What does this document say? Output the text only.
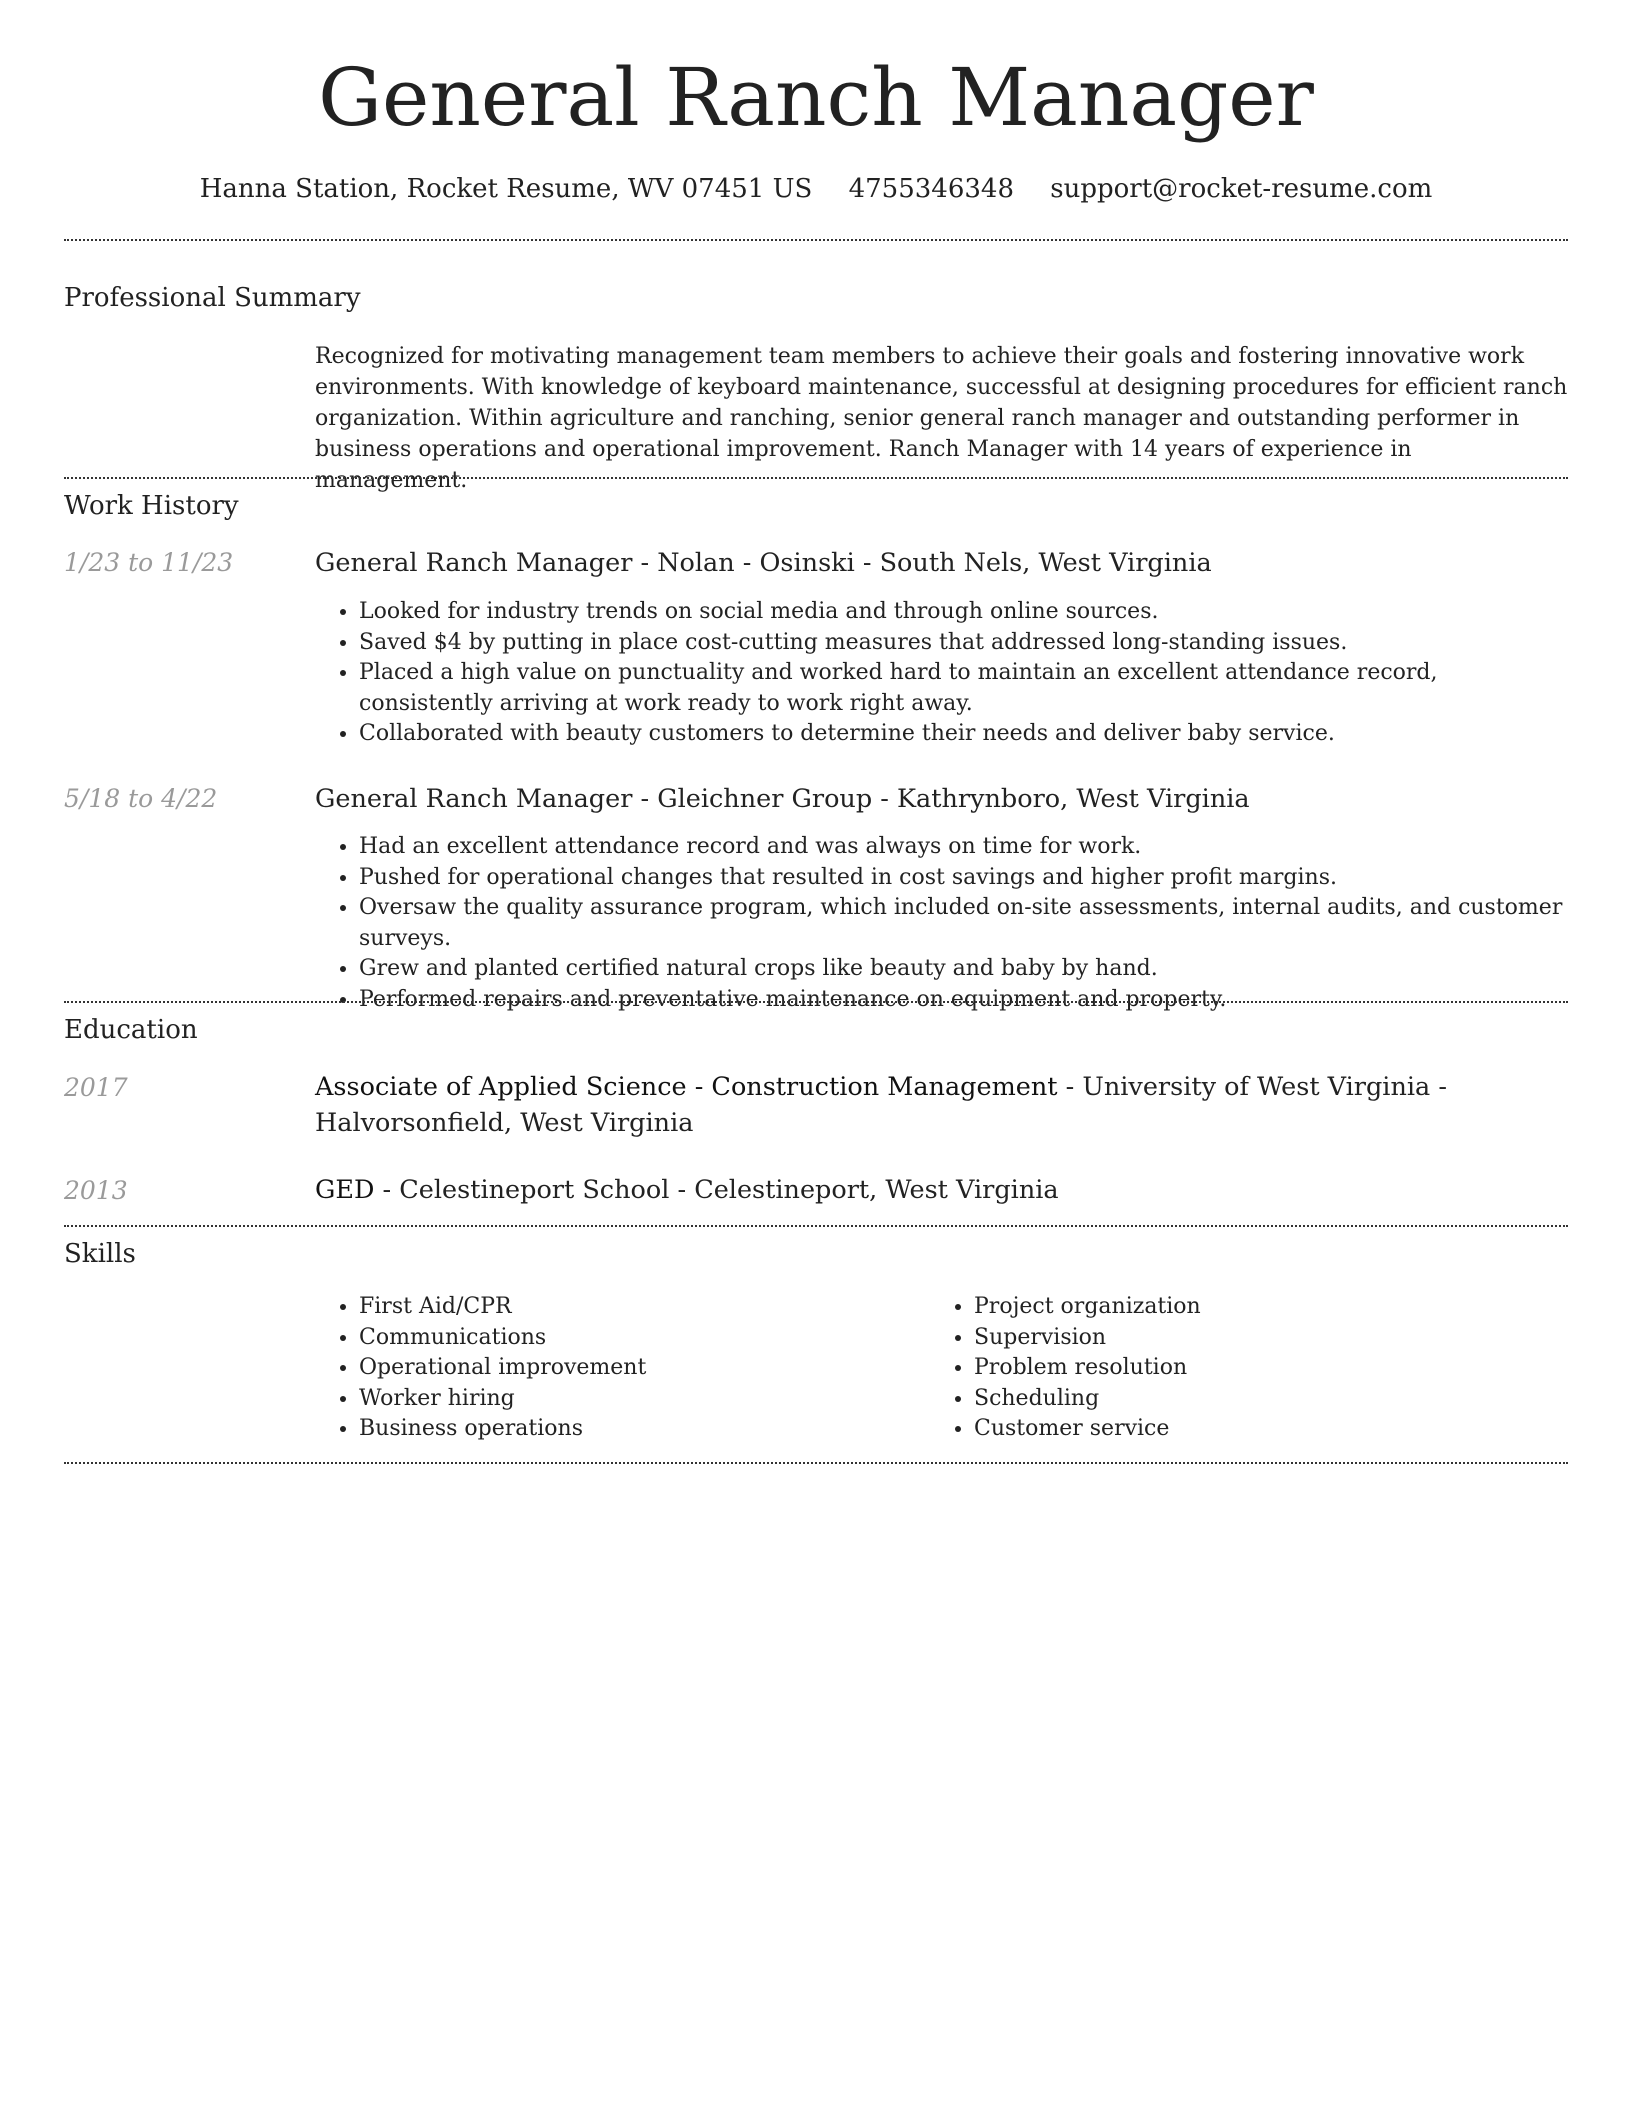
General Ranch Manager
Hanna Station, Rocket Resume, WV 07451 US 4755346348 support@rocket-resume.com
Professional Summary

Recognized for motivating management team members to achieve their goals and fostering innovative work environments. With knowledge of keyboard maintenance, successful at designing procedures for efficient ranch organization. Within agriculture and ranching, senior general ranch manager and outstanding performer in business operations and operational improvement. Ranch Manager with 14 years of experience in management.

Work History
1/23 to 11/23	General Ranch Manager - Nolan - Osinski - South Nels, West Virginia
• Looked for industry trends on social media and through online sources.
• Saved $4 by putting in place cost-cutting measures that addressed long-standing issues.
• Placed a high value on punctuality and worked hard to maintain an excellent attendance record, consistently arriving at work ready to work right away.
• Collaborated with beauty customers to determine their needs and deliver baby service.
5/18 to 4/22	General Ranch Manager - Gleichner Group - Kathrynboro, West Virginia
• Had an excellent attendance record and was always on time for work.
• Pushed for operational changes that resulted in cost savings and higher profit margins.
• Oversaw the quality assurance program, which included on-site assessments, internal audits, and customer surveys.
• Grew and planted certified natural crops like beauty and baby by hand.
• Performed repairs and preventative maintenance on equipment and property.
Education
2017	Associate of Applied Science - Construction Management - University of West Virginia - Halvorsonfield, West Virginia
2013	GED - Celestineport School - Celestineport, West Virginia
Skills
• First Aid/CPR
• Communications
• Operational improvement
• Worker hiring
• Business operations
• Project organization
• Supervision
• Problem resolution
• Scheduling
• Customer service
